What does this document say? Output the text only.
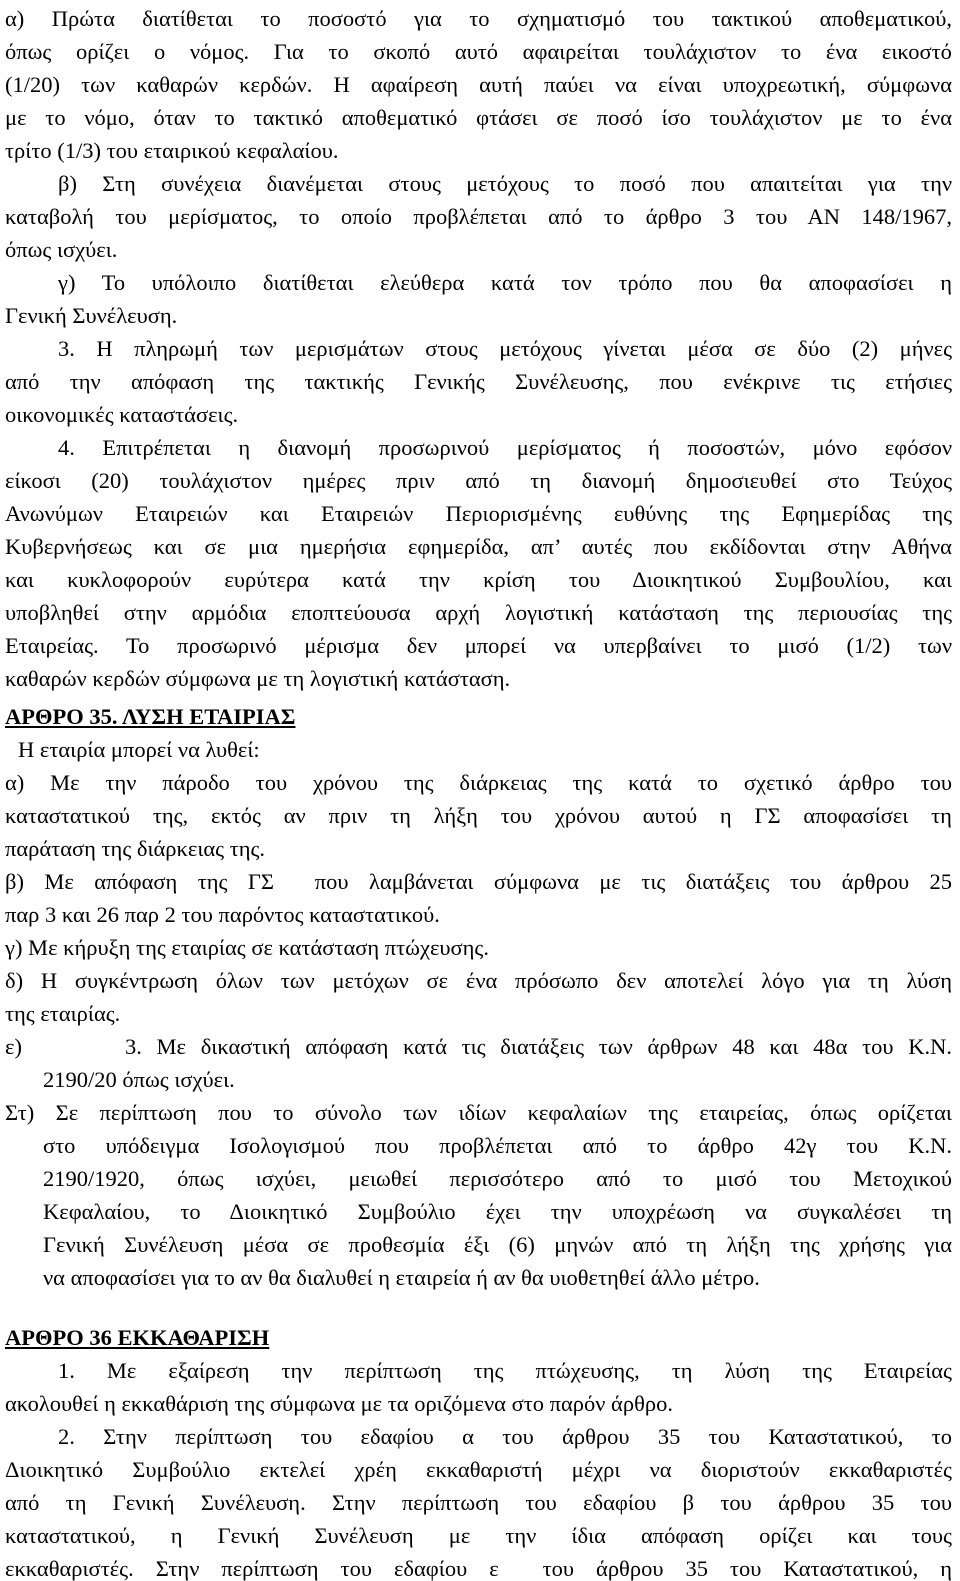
α) Πρώτα διατίθεται το ποσοστό για το σχηματισμό του τακτικού αποθεματικού,
όπως ορίζει ο νόμος. Για το σκοπό αυτό αφαιρείται τουλάχιστον το ένα εικοστό
(1/20) των καθαρών κερδών. Η αφαίρεση αυτή παύει να είναι υποχρεωτική, σύμφωνα
με το νόμο, όταν το τακτικό αποθεματικό φτάσει σε ποσό ίσο τουλάχιστον με το ένα
τρίτο (1/3) του εταιρικού κεφαλαίου.
β) Στη συνέχεια διανέμεται στους μετόχους το ποσό που απαιτείται για την
καταβολή του μερίσματος, το οποίο προβλέπεται από το άρθρο 3 του ΑΝ 148/1967,
όπως ισχύει.
γ) Το υπόλοιπο διατίθεται ελεύθερα κατά τον τρόπο που θα αποφασίσει η
Γενική Συνέλευση.
3. Η πληρωμή των μερισμάτων στους μετόχους γίνεται μέσα σε δύο (2) μήνες
από την απόφαση της τακτικής Γενικής Συνέλευσης, που ενέκρινε τις ετήσιες
οικονομικές καταστάσεις.
4. Επιτρέπεται η διανομή προσωρινού μερίσματος ή ποσοστών, μόνο εφόσον
είκοσι (20) τουλάχιστον ημέρες πριν από τη διανομή δημοσιευθεί στο Τεύχος
Ανωνύμων Εταιρειών και Εταιρειών Περιορισμένης ευθύνης της Εφημερίδας της
Κυβερνήσεως και σε μια ημερήσια εφημερίδα, απ’ αυτές που εκδίδονται στην Αθήνα
και κυκλοφορούν ευρύτερα κατά την κρίση του Διοικητικού Συμβουλίου, και
υποβληθεί στην αρμόδια εποπτεύουσα αρχή λογιστική κατάσταση της περιουσίας της
Εταιρείας. Το προσωρινό μέρισμα δεν μπορεί να υπερβαίνει το μισό (1/2) των
καθαρών κερδών σύμφωνα με τη λογιστική κατάσταση.
ΑΡΘΡΟ 35. ΛΥΣΗ ΕΤΑΙΡΙΑΣ
Η εταιρία μπορεί να λυθεί:
α) Με την πάροδο του χρόνου της διάρκειας της κατά το σχετικό άρθρο του
καταστατικού της, εκτός αν πριν τη λήξη του χρόνου αυτού η ΓΣ αποφασίσει τη
παράταση της διάρκειας της.
β) Με απόφαση της ΓΣ  που λαμβάνεται σύμφωνα με τις διατάξεις του άρθρου 25
παρ 3 και 26 παρ 2 του παρόντος καταστατικού.
γ) Με κήρυξη της εταιρίας σε κατάσταση πτώχευσης.
δ) Η συγκέντρωση όλων των μετόχων σε ένα πρόσωπο δεν αποτελεί λόγο για τη λύση
της εταιρίας.
ε)       3. Με δικαστική απόφαση κατά τις διατάξεις των άρθρων 48 και 48α του Κ.Ν.
2190/20 όπως ισχύει.
Στ) Σε περίπτωση που το σύνολο των ιδίων κεφαλαίων της εταιρείας, όπως ορίζεται
στο υπόδειγμα Ισολογισμού που προβλέπεται από το άρθρο 42γ του Κ.Ν.
2190/1920, όπως ισχύει, μειωθεί περισσότερο από το μισό του Μετοχικού
Κεφαλαίου, το Διοικητικό Συμβούλιο έχει την υποχρέωση να συγκαλέσει τη
Γενική Συνέλευση μέσα σε προθεσμία έξι (6) μηνών από τη λήξη της χρήσης για
να αποφασίσει για το αν θα διαλυθεί η εταιρεία ή αν θα υιοθετηθεί άλλο μέτρο.
ΑΡΘΡΟ 36 ΕΚΚΑΘΑΡΙΣΗ
1. Με εξαίρεση την περίπτωση της πτώχευσης, τη λύση της Εταιρείας
ακολουθεί η εκκαθάριση της σύμφωνα με τα οριζόμενα στο παρόν άρθρο.
2. Στην περίπτωση του εδαφίου α του άρθρου 35 του Καταστατικού, το
Διοικητικό Συμβούλιο εκτελεί χρέη εκκαθαριστή μέχρι να διοριστούν εκκαθαριστές
από τη Γενική Συνέλευση. Στην περίπτωση του εδαφίου β του άρθρου 35 του
καταστατικού, η Γενική Συνέλευση με την ίδια απόφαση ορίζει και τους
εκκαθαριστές. Στην περίπτωση του εδαφίου ε  του άρθρου 35 του Καταστατικού, η
